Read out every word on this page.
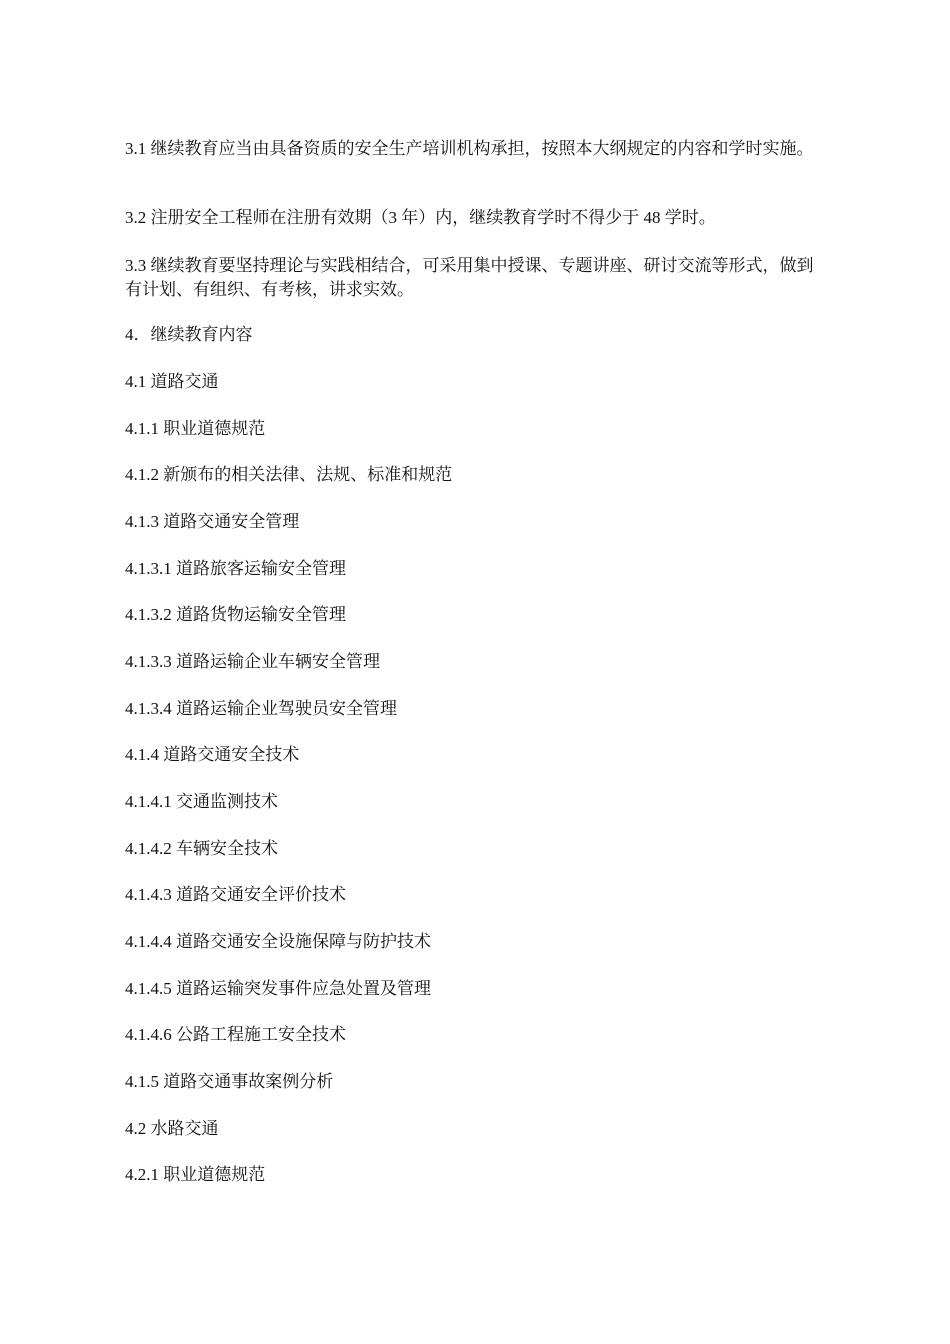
3.1 继续教育应当由具备资质的安全生产培训机构承担，按照本大纲规定的内容和学时实施。
3.2 注册安全工程师在注册有效期（3 年）内，继续教育学时不得少于 48 学时。
3.3 继续教育要坚持理论与实践相结合，可采用集中授课、专题讲座、研讨交流等形式，做到有计划、有组织、有考核，讲求实效。
4．继续教育内容
4.1 道路交通
4.1.1 职业道德规范
4.1.2 新颁布的相关法律、法规、标准和规范
4.1.3 道路交通安全管理
4.1.3.1 道路旅客运输安全管理
4.1.3.2 道路货物运输安全管理
4.1.3.3 道路运输企业车辆安全管理
4.1.3.4 道路运输企业驾驶员安全管理
4.1.4 道路交通安全技术
4.1.4.1 交通监测技术
4.1.4.2 车辆安全技术
4.1.4.3 道路交通安全评价技术
4.1.4.4 道路交通安全设施保障与防护技术
4.1.4.5 道路运输突发事件应急处置及管理
4.1.4.6 公路工程施工安全技术
4.1.5 道路交通事故案例分析
4.2 水路交通
4.2.1 职业道德规范
